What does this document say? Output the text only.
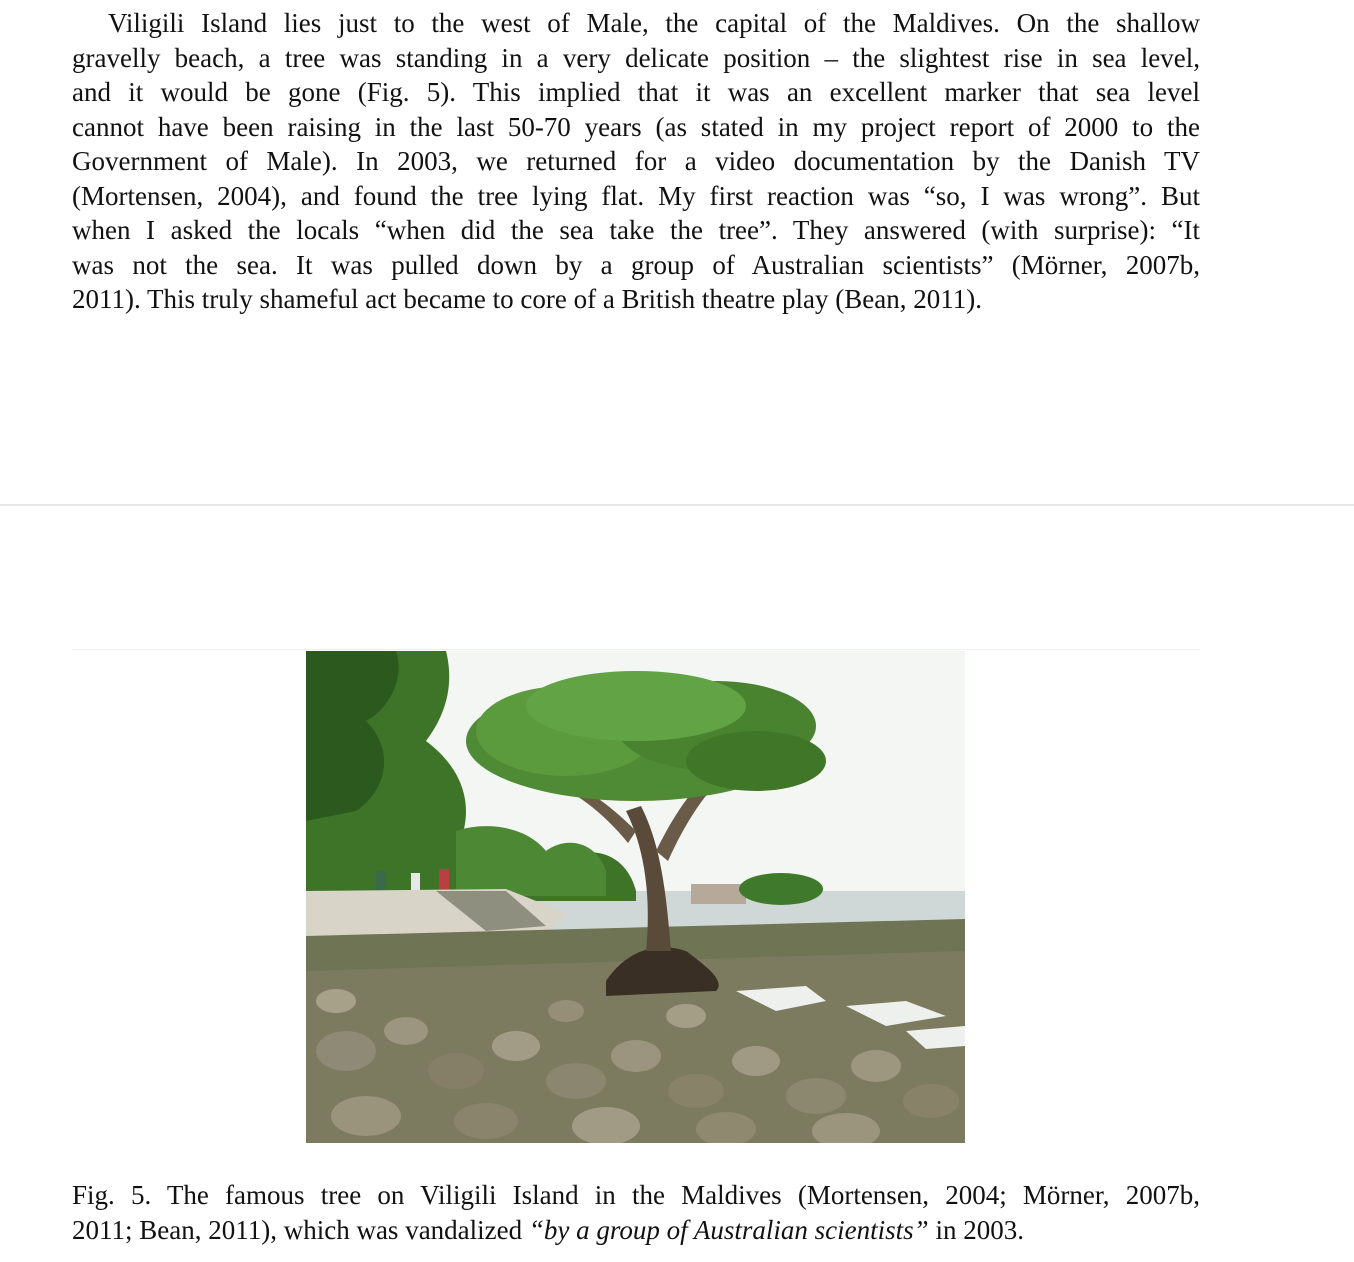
Viligili Island lies just to the west of Male, the capital of the Maldives. On the shallow
gravelly beach, a tree was standing in a very delicate position – the slightest rise in sea level,
and it would be gone (Fig. 5). This implied that it was an excellent marker that sea level
cannot have been raising in the last 50-70 years (as stated in my project report of 2000 to the
Government of Male). In 2003, we returned for a video documentation by the Danish TV
(Mortensen, 2004), and found the tree lying flat. My first reaction was “so, I was wrong”. But
when I asked the locals “when did the sea take the tree”. They answered (with surprise): “It
was not the sea. It was pulled down by a group of Australian scientists” (Mörner, 2007b,
2011). This truly shameful act became to core of a British theatre play (Bean, 2011).

Fig. 5. The famous tree on Viligili Island in the Maldives (Mortensen, 2004; Mörner, 2007b,
2011; Bean, 2011), which was vandalized “by a group of Australian scientists” in 2003.
